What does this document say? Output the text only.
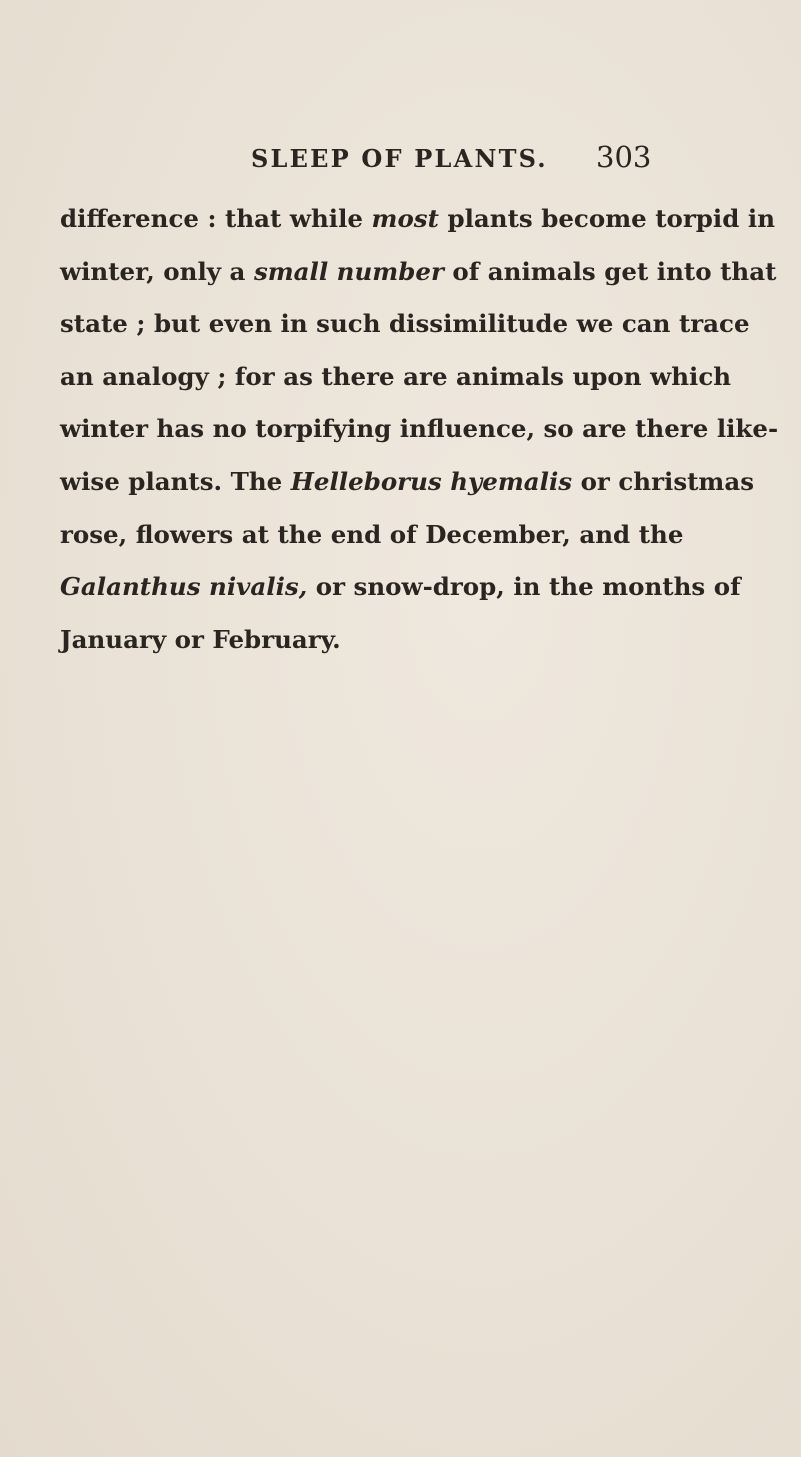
SLEEP OF PLANTS. 303
difference : that while most plants become torpid in
winter, only a small number of animals get into that
state ; but even in such dissimilitude we can trace
an analogy ; for as there are animals upon which
winter has no torpifying influence, so are there like-
wise plants. The Helleborus hyemalis or christmas
rose, flowers at the end of December, and the
Galanthus nivalis, or snow-drop, in the months of
January or February.
